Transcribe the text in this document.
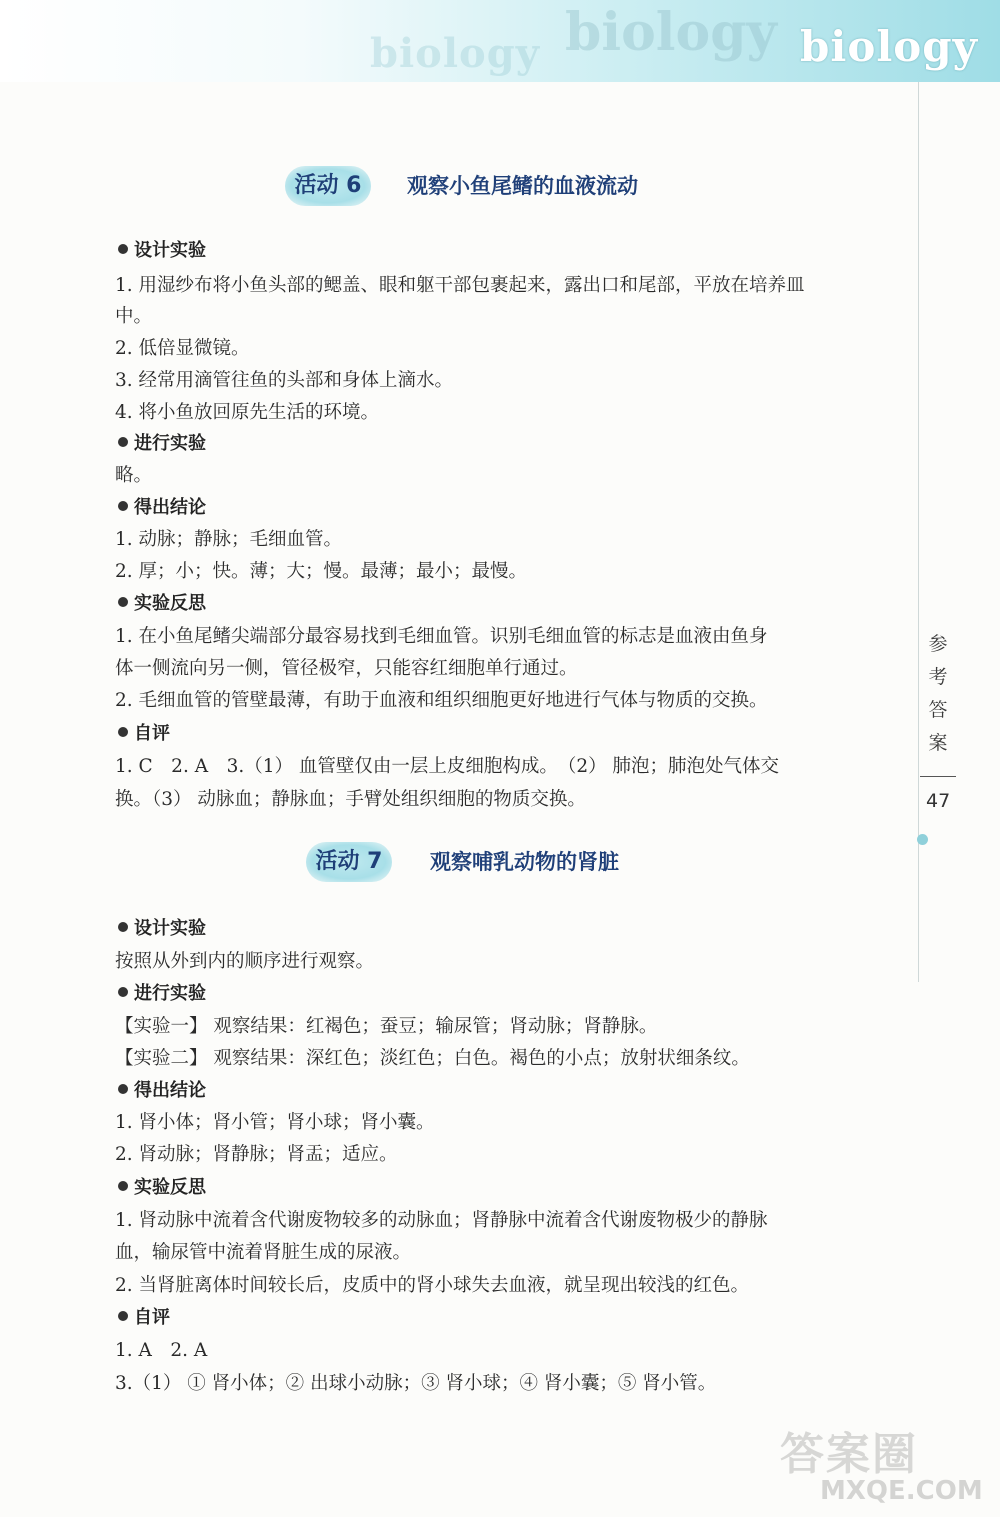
biology biology biology
参
考
答
案
47
活动 6	观察小鱼尾鳍的血液流动
设计实验
1. 用湿纱布将小鱼头部的鳃盖、眼和躯干部包裹起来，露出口和尾部，平放在培养皿
中。
2. 低倍显微镜。
3. 经常用滴管往鱼的头部和身体上滴水。
4. 将小鱼放回原先生活的环境。
进行实验
略。
得出结论
1. 动脉；静脉；毛细血管。
2. 厚；小；快。薄；大；慢。最薄；最小；最慢。
实验反思
1. 在小鱼尾鳍尖端部分最容易找到毛细血管。识别毛细血管的标志是血液由鱼身
体一侧流向另一侧，管径极窄，只能容红细胞单行通过。
2. 毛细血管的管壁最薄，有助于血液和组织细胞更好地进行气体与物质的交换。
自评
1. C　2. A　3.（1） 血管壁仅由一层上皮细胞构成。　（2） 肺泡；肺泡处气体交
换。（3） 动脉血；静脉血；手臂处组织细胞的物质交换。
活动 7	观察哺乳动物的肾脏
设计实验
按照从外到内的顺序进行观察。
进行实验
【实验一】 观察结果：红褐色；蚕豆；输尿管；肾动脉；肾静脉。
【实验二】 观察结果：深红色；淡红色；白色。褐色的小点；放射状细条纹。
得出结论
1. 肾小体；肾小管；肾小球；肾小囊。
2. 肾动脉；肾静脉；肾盂；适应。
实验反思
1. 肾动脉中流着含代谢废物较多的动脉血；肾静脉中流着含代谢废物极少的静脉
血，输尿管中流着肾脏生成的尿液。
2. 当肾脏离体时间较长后，皮质中的肾小球失去血液，就呈现出较浅的红色。
自评
1. A　2. A
3.（1） ① 肾小体；② 出球小动脉；③ 肾小球；④ 肾小囊；⑤ 肾小管。
答案圈
MXQE.COM
